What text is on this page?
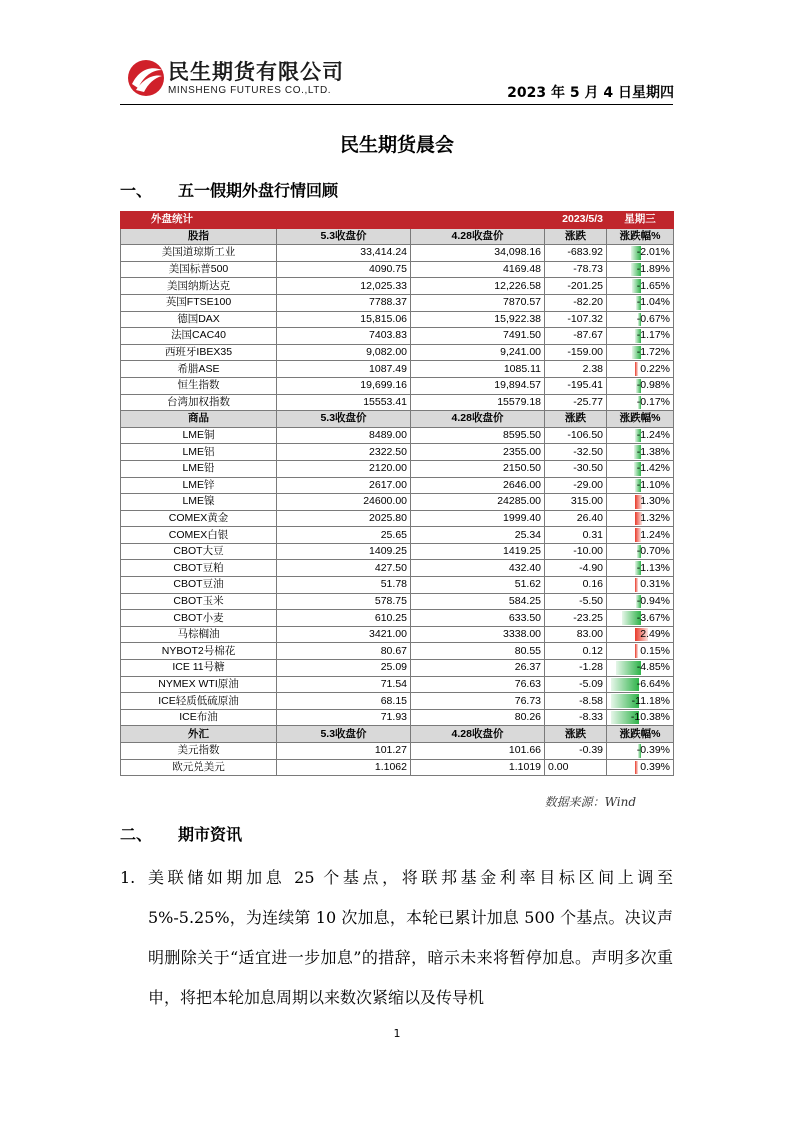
民生期货有限公司
MINSHENG FUTURES CO.,LTD.	2023 年 5 月 4 日星期四
民生期货晨会
一、 五一假期外盘行情回顾
外盘统计			2023/5/3	星期三
股指	5.3收盘价	4.28收盘价	涨跌	涨跌幅%
美国道琼斯工业	33,414.24	34,098.16	-683.92	-2.01%
美国标普500	4090.75	4169.48	-78.73	-1.89%
美国纳斯达克	12,025.33	12,226.58	-201.25	-1.65%
英国FTSE100	7788.37	7870.57	-82.20	-1.04%
德国DAX	15,815.06	15,922.38	-107.32	-0.67%
法国CAC40	7403.83	7491.50	-87.67	-1.17%
西班牙IBEX35	9,082.00	9,241.00	-159.00	-1.72%
希腊ASE	1087.49	1085.11	2.38	0.22%
恒生指数	19,699.16	19,894.57	-195.41	-0.98%
台湾加权指数	15553.41	15579.18	-25.77	-0.17%
商品	5.3收盘价	4.28收盘价	涨跌	涨跌幅%
LME铜	8489.00	8595.50	-106.50	-1.24%
LME铝	2322.50	2355.00	-32.50	-1.38%
LME铅	2120.00	2150.50	-30.50	-1.42%
LME锌	2617.00	2646.00	-29.00	-1.10%
LME镍	24600.00	24285.00	315.00	1.30%
COMEX黄金	2025.80	1999.40	26.40	1.32%
COMEX白银	25.65	25.34	0.31	1.24%
CBOT大豆	1409.25	1419.25	-10.00	-0.70%
CBOT豆粕	427.50	432.40	-4.90	-1.13%
CBOT豆油	51.78	51.62	0.16	0.31%
CBOT玉米	578.75	584.25	-5.50	-0.94%
CBOT小麦	610.25	633.50	-23.25	-3.67%
马棕榈油	3421.00	3338.00	83.00	2.49%
NYBOT2号棉花	80.67	80.55	0.12	0.15%
ICE 11号糖	25.09	26.37	-1.28	-4.85%
NYMEX WTI原油	71.54	76.63	-5.09	-6.64%
ICE轻质低硫原油	68.15	76.73	-8.58	-11.18%
ICE布油	71.93	80.26	-8.33	-10.38%
外汇	5.3收盘价	4.28收盘价	涨跌	涨跌幅%
美元指数	101.27	101.66	-0.39	-0.39%
欧元兑美元	1.1062	1.1019	0.00	0.39%
数据来源：Wind
二、 期市资讯
1. 美联储如期加息 25 个基点，将联邦基金利率目标区间上调至 5%-5.25%，为连续第 10 次加息，本轮已累计加息 500 个基点。决议声明删除关于“适宜进一步加息”的措辞，暗示未来将暂停加息。声明多次重申，将把本轮加息周期以来数次紧缩以及传导机
1
